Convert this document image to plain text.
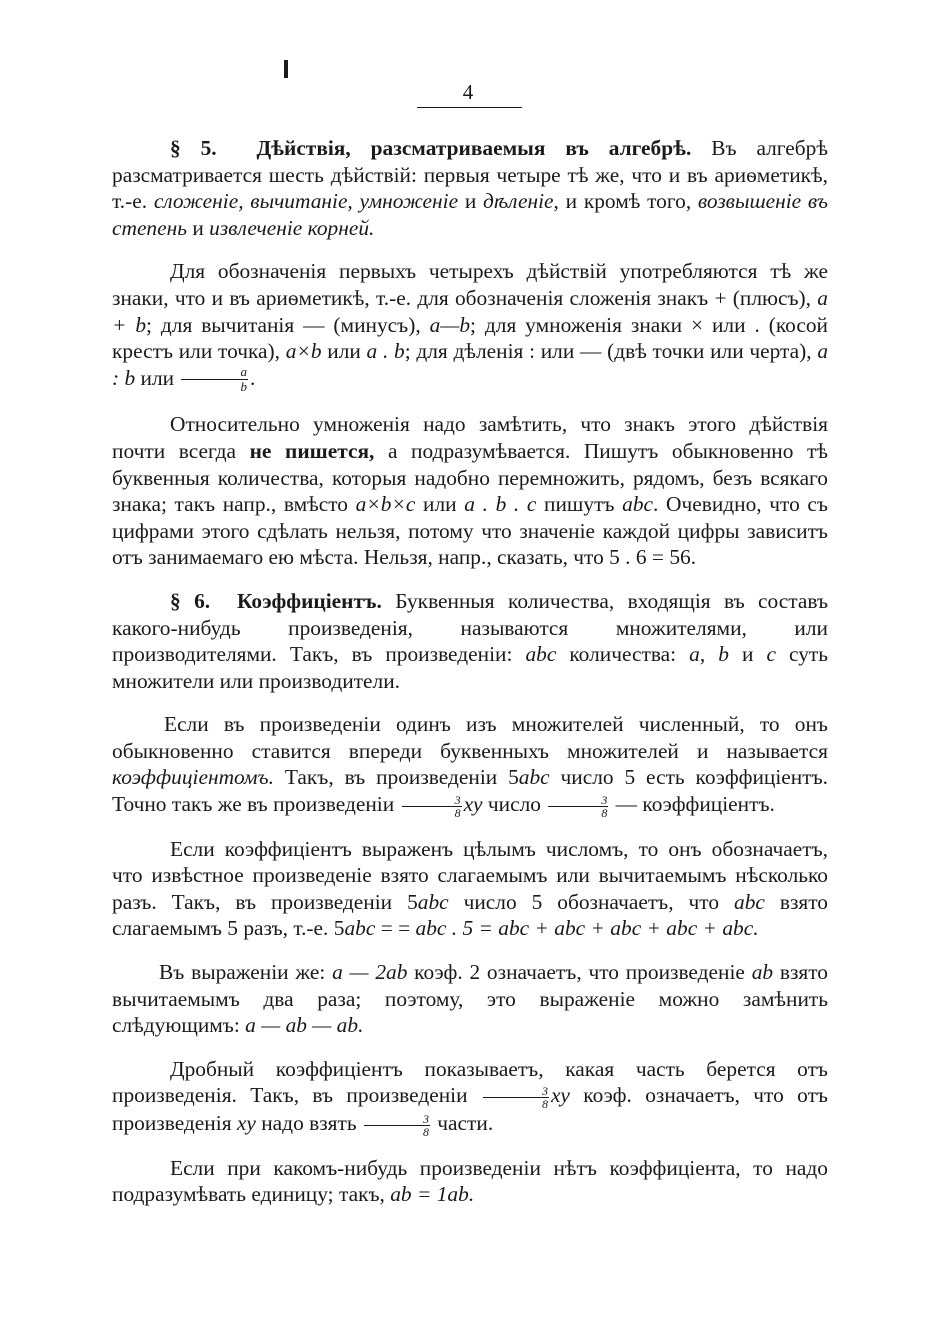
4

§ 5. Дѣйствія, разсматриваемыя въ алгебрѣ. Въ алгебрѣ разсматривается шесть дѣйствій: первыя четыре тѣ же, что и въ ариѳметикѣ, т.-е. сложеніе, вычитаніе, умноженіе и дѣленіе, и кромѣ того, возвышеніе въ степень и извлеченіе корней.

Для обозначенія первыхъ четырехъ дѣйствій употребляются тѣ же знаки, что и въ ариѳметикѣ, т.-е. для обозначенія сложенія знакъ + (плюсъ), a + b; для вычитанія — (минусъ), a—b; для умноженія знаки × или . (косой крестъ или точка), a×b или a . b; для дѣленія : или — (двѣ точки или черта), a : b или $\frac{a}{b}$ .

Относительно умноженія надо замѣтить, что знакъ этого дѣйствія почти всегда не пишется, а подразумѣвается. Пишутъ обыкновенно тѣ буквенныя количества, которыя надобно перемножить, рядомъ, безъ всякаго знака; такъ напр., вмѣсто a×b×c или a . b . c пишутъ abc. Очевидно, что съ цифрами этого сдѣлать нельзя, потому что значеніе каждой цифры зависитъ отъ занимаемаго ею мѣста. Нельзя, напр., сказать, что 5 . 6 = 56.

§ 6. Коэффиціентъ. Буквенныя количества, входящія въ составъ какого-нибудь произведенія, называются множителями, или производителями. Такъ, въ произведеніи: abc количества: a, b и c суть множители или производители.

Если въ произведеніи одинъ изъ множителей численный, то онъ обыкновенно ставится впереди буквенныхъ множителей и называется коэффиціентомъ. Такъ, въ произведеніи 5abc число 5 есть коэффиціентъ. Точно такъ же въ произведеніи $\frac{3}{8}$ xy число $\frac{3}{8}$ — коэффиціентъ.

Если коэффиціентъ выраженъ цѣлымъ числомъ, то онъ обозначаетъ, что извѣстное произведеніе взято слагаемымъ или вычитаемымъ нѣсколько разъ. Такъ, въ произведеніи 5abc число 5 обозначаетъ, что abc взято слагаемымъ 5 разъ, т.-е. 5abc = = abc . 5 = abc + abc + abc + abc + abc.

Въ выраженіи же: a — 2ab коэф. 2 означаетъ, что произведеніе ab взято вычитаемымъ два раза; поэтому, это выраженіе можно замѣнить слѣдующимъ: a — ab — ab.

Дробный коэффиціентъ показываетъ, какая часть берется отъ произведенія. Такъ, въ произведеніи $\frac{3}{8}$ xy коэф. означаетъ, что отъ произведенія xy надо взять $\frac{3}{8}$ части.

Если при какомъ-нибудь произведеніи нѣтъ коэффиціента, то надо подразумѣвать единицу; такъ, ab = 1ab.
